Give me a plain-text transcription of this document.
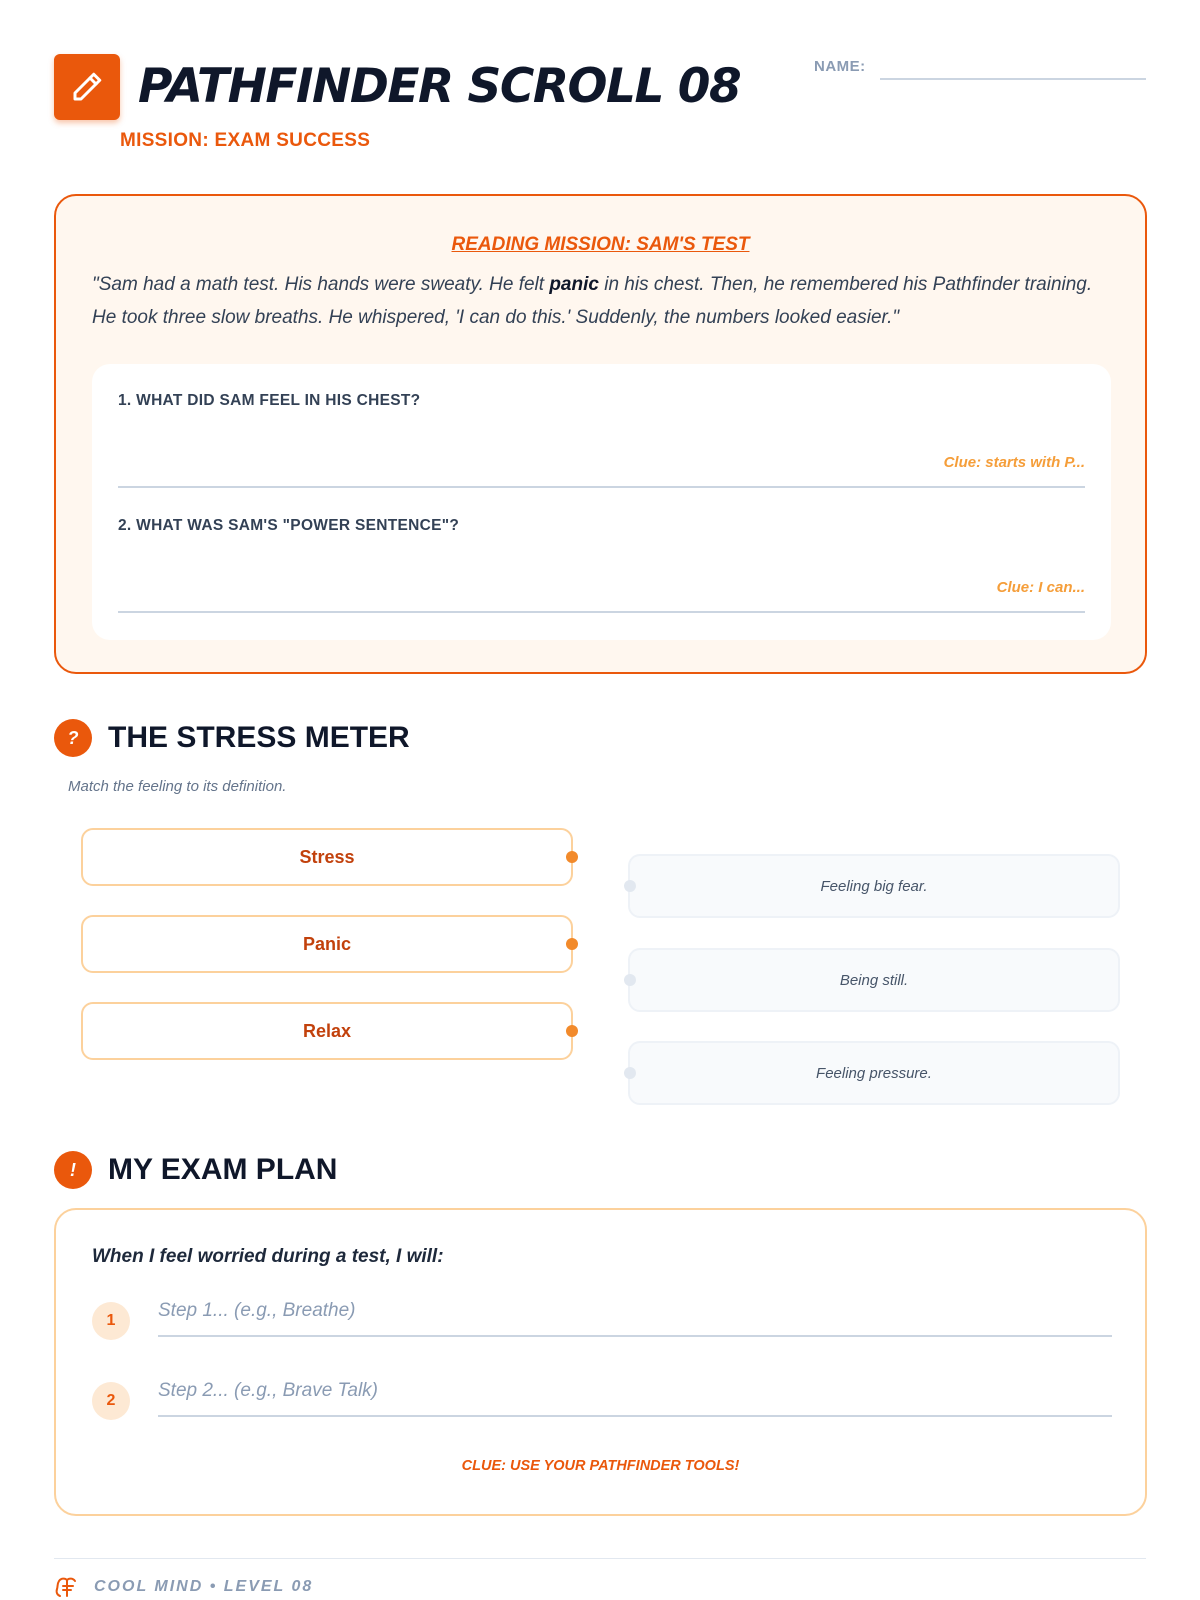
PATHFINDER SCROLL 08
MISSION: EXAM SUCCESS
NAME:
READING MISSION: SAM'S TEST
"Sam had a math test. His hands were sweaty. He felt panic in his chest. Then, he remembered his Pathfinder training. He took three slow breaths. He whispered, 'I can do this.' Suddenly, the numbers looked easier."
1. WHAT DID SAM FEEL IN HIS CHEST?
Clue: starts with P...
2. WHAT WAS SAM'S "POWER SENTENCE"?
Clue: I can...
? THE STRESS METER
Match the feeling to its definition.
Stress
Panic
Relax
Feeling big fear.
Being still.
Feeling pressure.
!	MY EXAM PLAN
When I feel worried during a test, I will:
1	Step 1... (e.g., Breathe)
2	Step 2... (e.g., Brave Talk)
CLUE: USE YOUR PATHFINDER TOOLS!
COOL MIND • LEVEL 08
